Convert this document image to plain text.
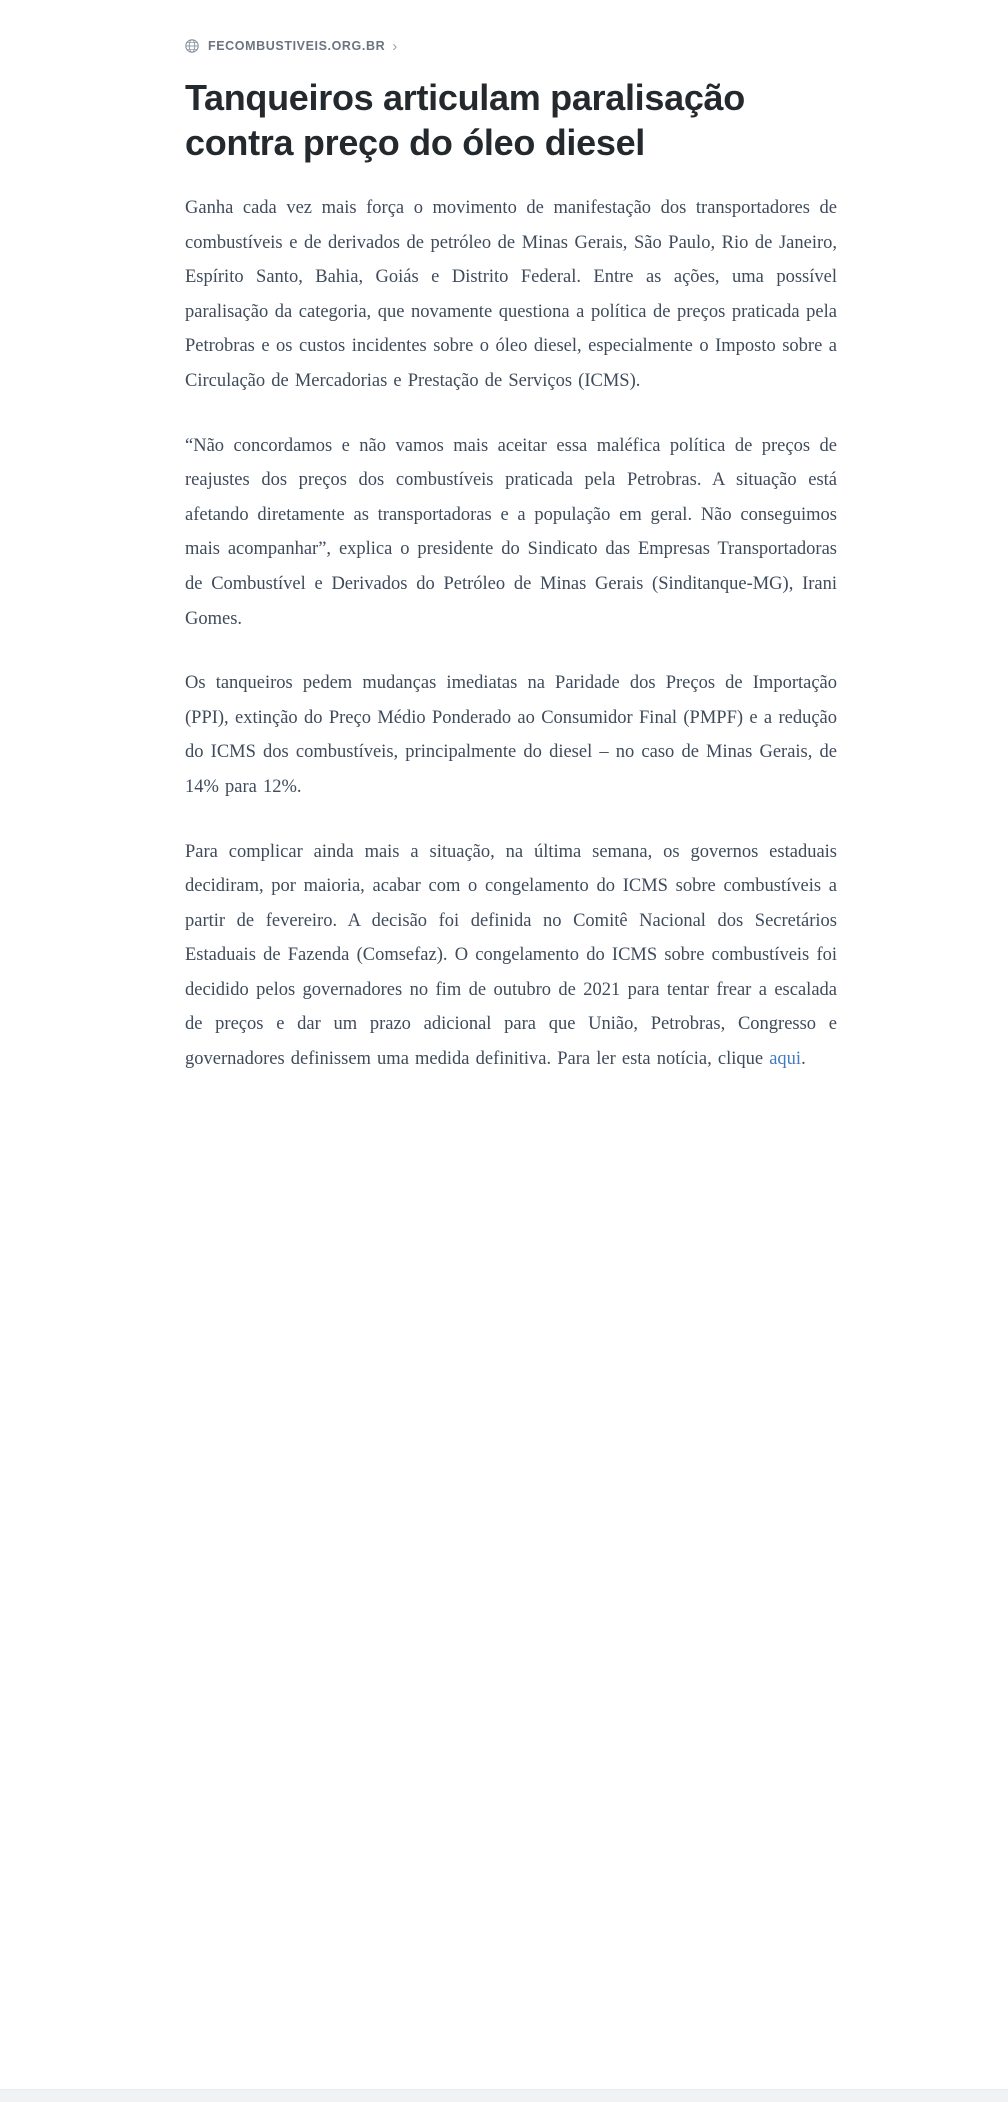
FECOMBUSTIVEIS.ORG.BR ›
Tanqueiros articulam paralisação contra preço do óleo diesel

Ganha cada vez mais força o movimento de manifestação dos transportadores de combustíveis e de derivados de petróleo de Minas Gerais, São Paulo, Rio de Janeiro, Espírito Santo, Bahia, Goiás e Distrito Federal. Entre as ações, uma possível paralisação da categoria, que novamente questiona a política de preços praticada pela Petrobras e os custos incidentes sobre o óleo diesel, especialmente o Imposto sobre a Circulação de Mercadorias e Prestação de Serviços (ICMS).

“Não concordamos e não vamos mais aceitar essa maléfica política de preços de reajustes dos preços dos combustíveis praticada pela Petrobras. A situação está afetando diretamente as transportadoras e a população em geral. Não conseguimos mais acompanhar”, explica o presidente do Sindicato das Empresas Transportadoras de Combustível e Derivados do Petróleo de Minas Gerais (Sinditanque-MG), Irani Gomes.

Os tanqueiros pedem mudanças imediatas na Paridade dos Preços de Importação (PPI), extinção do Preço Médio Ponderado ao Consumidor Final (PMPF) e a redução do ICMS dos combustíveis, principalmente do diesel – no caso de Minas Gerais, de 14% para 12%.

Para complicar ainda mais a situação, na última semana, os governos estaduais decidiram, por maioria, acabar com o congelamento do ICMS sobre combustíveis a partir de fevereiro. A decisão foi definida no Comitê Nacional dos Secretários Estaduais de Fazenda (Comsefaz). O congelamento do ICMS sobre combustíveis foi decidido pelos governadores no fim de outubro de 2021 para tentar frear a escalada de preços e dar um prazo adicional para que União, Petrobras, Congresso e governadores definissem uma medida definitiva. Para ler esta notícia, clique aqui.
